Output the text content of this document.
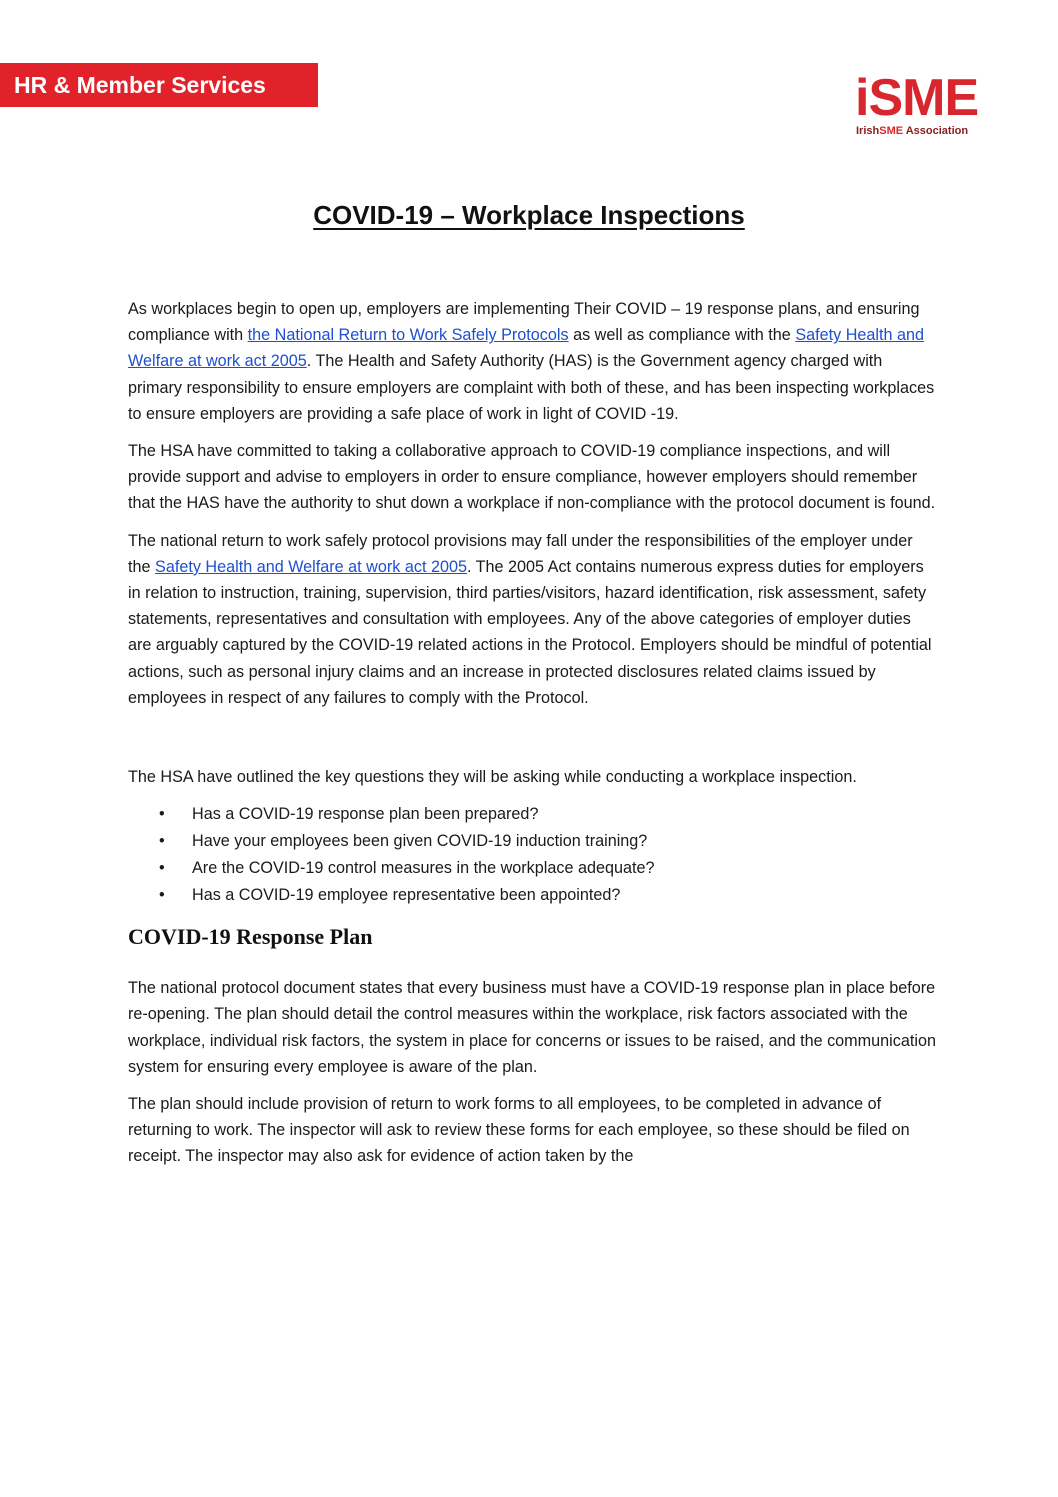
HR & Member Services	iSME
IrishSME Association
COVID-19 – Workplace Inspections

As workplaces begin to open up, employers are implementing Their COVID – 19 response plans, and ensuring compliance with the National Return to Work Safely Protocols as well as compliance with the Safety Health and Welfare at work act 2005. The Health and Safety Authority (HAS) is the Government agency charged with primary responsibility to ensure employers are complaint with both of these, and has been inspecting workplaces to ensure employers are providing a safe place of work in light of COVID -19.

The HSA have committed to taking a collaborative approach to COVID-19 compliance inspections, and will provide support and advise to employers in order to ensure compliance, however employers should remember that the HAS have the authority to shut down a workplace if non-compliance with the protocol document is found.

The national return to work safely protocol provisions may fall under the responsibilities of the employer under the Safety Health and Welfare at work act 2005. The 2005 Act contains numerous express duties for employers in relation to instruction, training, supervision, third parties/visitors, hazard identification, risk assessment, safety statements, representatives and consultation with employees. Any of the above categories of employer duties are arguably captured by the COVID-19 related actions in the Protocol. Employers should be mindful of potential actions, such as personal injury claims and an increase in protected disclosures related claims issued by employees in respect of any failures to comply with the Protocol.

The HSA have outlined the key questions they will be asking while conducting a workplace inspection.

• Has a COVID-19 response plan been prepared?
• Have your employees been given COVID-19 induction training?
• Are the COVID-19 control measures in the workplace adequate?
• Has a COVID-19 employee representative been appointed?
COVID-19 Response Plan

The national protocol document states that every business must have a COVID-19 response plan in place before re-opening. The plan should detail the control measures within the workplace, risk factors associated with the workplace, individual risk factors, the system in place for concerns or issues to be raised, and the communication system for ensuring every employee is aware of the plan.

The plan should include provision of return to work forms to all employees, to be completed in advance of returning to work. The inspector will ask to review these forms for each employee, so these should be filed on receipt. The inspector may also ask for evidence of action taken by the
